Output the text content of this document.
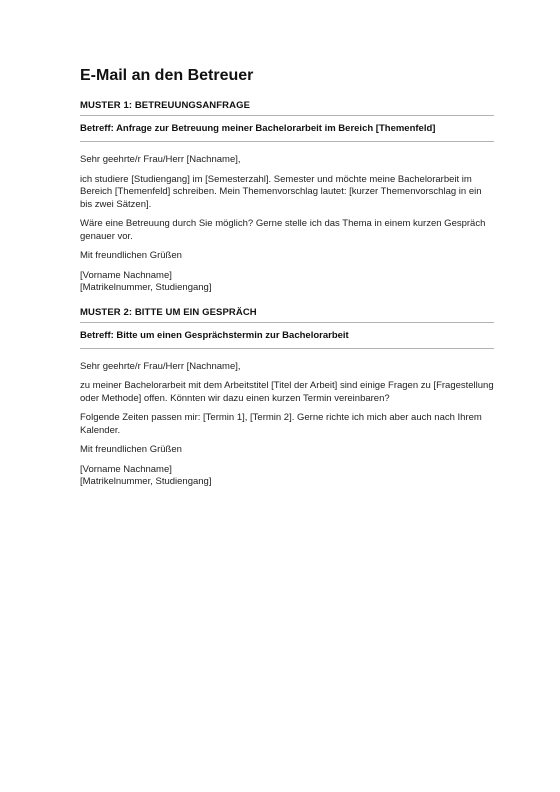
E-Mail an den Betreuer
MUSTER 1: BETREUUNGSANFRAGE
Betreff: Anfrage zur Betreuung meiner Bachelorarbeit im Bereich [Themenfeld]

Sehr geehrte/r Frau/Herr [Nachname],

ich studiere [Studiengang] im [Semesterzahl]. Semester und möchte meine Bachelorarbeit im Bereich [Themenfeld] schreiben. Mein Themenvorschlag lautet: [kurzer Themenvorschlag in ein bis zwei Sätzen].

Wäre eine Betreuung durch Sie möglich? Gerne stelle ich das Thema in einem kurzen Gespräch genauer vor.

Mit freundlichen Grüßen

[Vorname Nachname]

[Matrikelnummer, Studiengang]

MUSTER 2: BITTE UM EIN GESPRÄCH
Betreff: Bitte um einen Gesprächstermin zur Bachelorarbeit

Sehr geehrte/r Frau/Herr [Nachname],

zu meiner Bachelorarbeit mit dem Arbeitstitel [Titel der Arbeit] sind einige Fragen zu [Fragestellung oder Methode] offen. Könnten wir dazu einen kurzen Termin vereinbaren?

Folgende Zeiten passen mir: [Termin 1], [Termin 2]. Gerne richte ich mich aber auch nach Ihrem Kalender.

Mit freundlichen Grüßen

[Vorname Nachname]

[Matrikelnummer, Studiengang]
